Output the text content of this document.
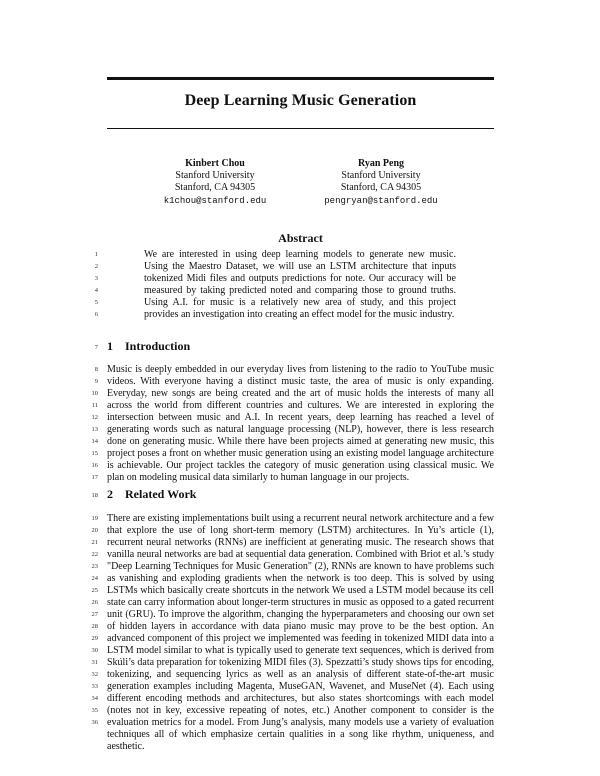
Deep Learning Music Generation
Kinbert Chou
Stanford University
Stanford, CA 94305
k1chou@stanford.edu
Ryan Peng
Stanford University
Stanford, CA 94305
pengryan@stanford.edu
Abstract
1
2
3
4
5
6
We are interested in using deep learning models to generate new music. Using the Maestro Dataset, we will use an LSTM architecture that inputs tokenized Midi files and outputs predictions for note. Our accuracy will be measured by taking predicted noted and comparing those to ground truths. Using A.I. for music is a relatively new area of study, and this project provides an investigation into creating an effect model for the music industry.
7 1 Introduction
8
9
10
11
12
13
14
15
16
17
Music is deeply embedded in our everyday lives from listening to the radio to YouTube music videos. With everyone having a distinct music taste, the area of music is only expanding. Everyday, new songs are being created and the art of music holds the interests of many all across the world from different countries and cultures. We are interested in exploring the intersection between music and A.I. In recent years, deep learning has reached a level of generating words such as natural language processing (NLP), however, there is less research done on generating music. While there have been projects aimed at generating new music, this project poses a front on whether music generation using an existing model language architecture is achievable. Our project tackles the category of music generation using classical music. We plan on modeling musical data similarly to human language in our projects.
18 2 Related Work
19
20
21
22
23
24
25
26
27
28
29
30
31
32
33
34
35
36
There are existing implementations built using a recurrent neural network architecture and a few that explore the use of long short-term memory (LSTM) architectures. In Yu’s article (1), recurrent neural networks (RNNs) are inefficient at generating music. The research shows that vanilla neural networks are bad at sequential data generation. Combined with Briot et al.’s study "Deep Learning Techniques for Music Generation" (2), RNNs are known to have problems such as vanishing and exploding gradients when the network is too deep. This is solved by using LSTMs which basically create shortcuts in the network We used a LSTM model because its cell state can carry information about longer-term structures in music as opposed to a gated recurrent unit (GRU). To improve the algorithm, changing the hyperparameters and choosing our own set of hidden layers in accordance with data piano music may prove to be the best option. An advanced component of this project we implemented was feeding in tokenized MIDI data into a LSTM model similar to what is typically used to generate text sequences, which is derived from Skúli’s data preparation for tokenizing MIDI files (3). Spezzatti’s study shows tips for encoding, tokenizing, and sequencing lyrics as well as an analysis of different state-of-the-art music generation examples including Magenta, MuseGAN, Wavenet, and MuseNet (4). Each using different encoding methods and architectures, but also states shortcomings with each model (notes not in key, excessive repeating of notes, etc.) Another component to consider is the evaluation metrics for a model. From Jung’s analysis, many models use a variety of evaluation techniques all of which emphasize certain qualities in a song like rhythm, uniqueness, and aesthetic.
